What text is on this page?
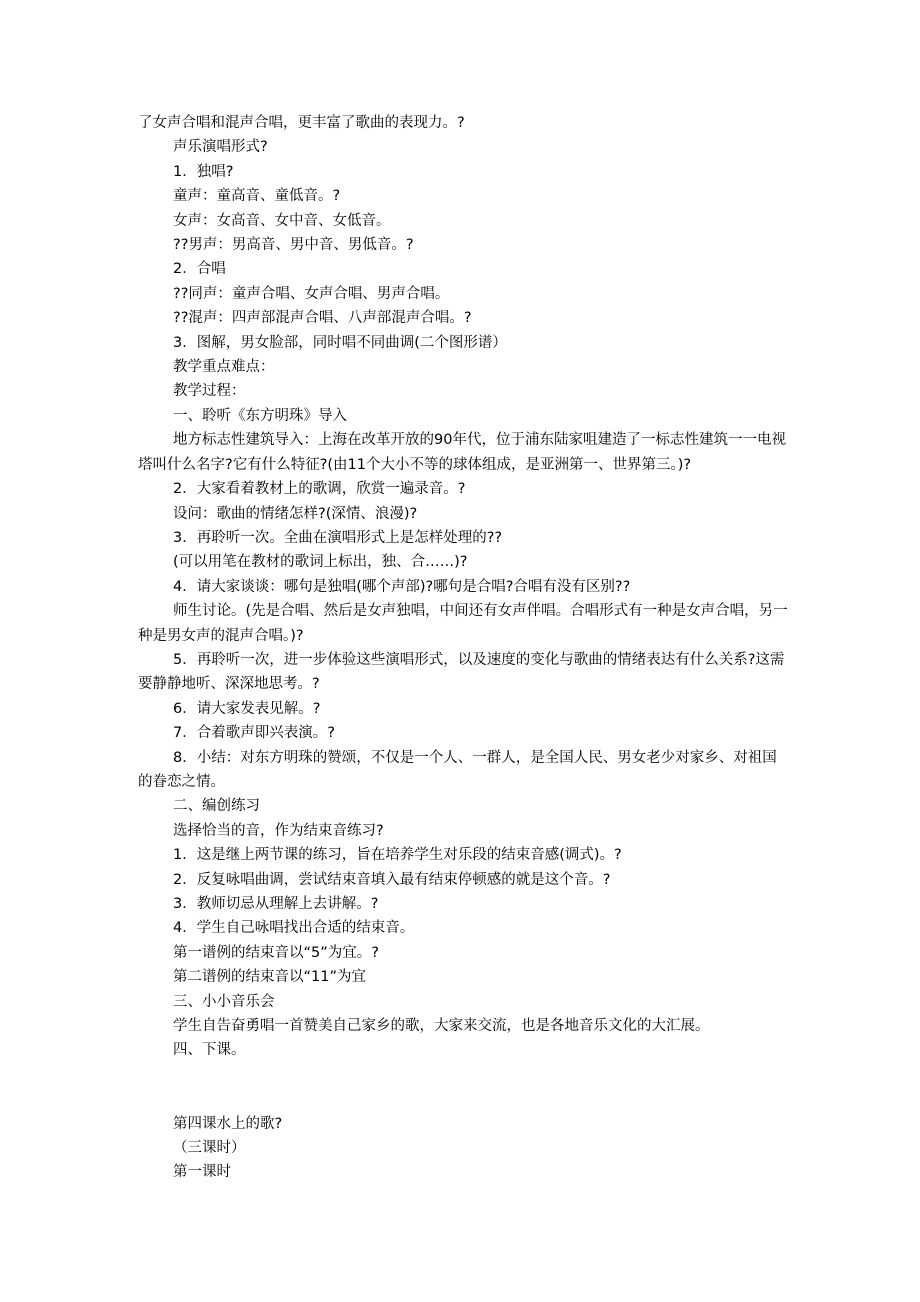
了女声合唱和混声合唱，更丰富了歌曲的表现力。?

声乐演唱形式?

1．独唱?

童声：童高音、童低音。?

女声：女高音、女中音、女低音。

??男声：男高音、男中音、男低音。?

2．合唱

??同声：童声合唱、女声合唱、男声合唱。

??混声：四声部混声合唱、八声部混声合唱。?

3．图解，男女脸部，同时唱不同曲调(二个图形谱）

教学重点难点：

教学过程：

一、聆听《东方明珠》导入

地方标志性建筑导入：上海在改革开放的90年代，位于浦东陆家咀建造了一标志性建筑一一电视塔叫什么名字?它有什么特征?(由11个大小不等的球体组成，是亚洲第一、世界第三。)?

2．大家看着教材上的歌调，欣赏一遍录音。?

设问：歌曲的情绪怎样?(深情、浪漫)?

3．再聆听一次。全曲在演唱形式上是怎样处理的??

(可以用笔在教材的歌词上标出，独、合……)?

4．请大家谈谈：哪句是独唱(哪个声部)?哪句是合唱?合唱有没有区别??

师生讨论。(先是合唱、然后是女声独唱，中间还有女声伴唱。合唱形式有一种是女声合唱，另一种是男女声的混声合唱。)?

5．再聆听一次，进一步体验这些演唱形式，以及速度的变化与歌曲的情绪表达有什么关系?这需要静静地听、深深地思考。?

6．请大家发表见解。?

7．合着歌声即兴表演。?

8．小结：对东方明珠的赞颂，不仅是一个人、一群人，是全国人民、男女老少对家乡、对祖国的眷恋之情。

二、编创练习

选择恰当的音，作为结束音练习?

1．这是继上两节课的练习，旨在培养学生对乐段的结束音感(调式)。?

2．反复咏唱曲调，尝试结束音填入最有结束停顿感的就是这个音。?

3．教师切忌从理解上去讲解。?

4．学生自己咏唱找出合适的结束音。

第一谱例的结束音以“5”为宜。?

第二谱例的结束音以“11”为宜

三、小小音乐会

学生自告奋勇唱一首赞美自己家乡的歌，大家来交流，也是各地音乐文化的大汇展。

四、下课。

第四课水上的歌?

（三课时）

第一课时
